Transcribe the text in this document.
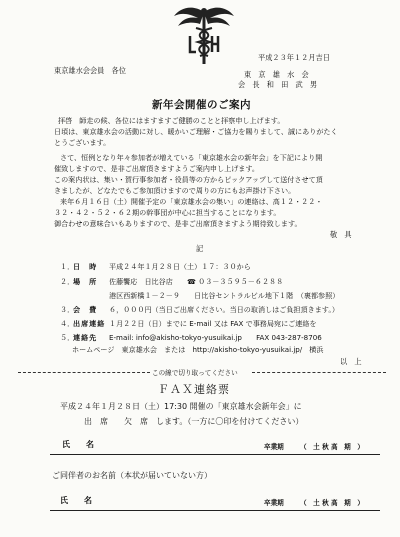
平成２３年１２月吉日
東京雄水会会員　各位	東　京　雄　水　会
会　長　和　田　武　男
新年会開催のご案内
拝啓　師走の候、各位にはますますご健勝のことと拝察申し上げます。
日頃は、東京雄水会の活動に対し、暖かいご理解・ご協力を賜りまして、誠にありがたく
とうございます。
さて、恒例となり年々参加者が増えている「東京雄水会の新年会」を下記により開
催致しますので、是非ご出席頂きますようご案内申し上げます。
この案内状は、集い・賀行事参加者・役員等の方からピックアップして送付させて頂
きましたが、どなたでもご参加頂けますので周りの方にもお声掛け下さい。
来年６月１６日（土）開催予定の「東京雄水会の集い」の連絡は、高１２・２２・
３２・４２・５２・６２期の幹事団が中心に担当することになります。
御合わせの意味合いもありますので、是非ご出席頂きますよう期待致します。
敬　具
記
１．日　時 平成２４年１月２８日（土）１７：３０から
２．場　所 佐藤饗応　日比谷店　　☎ ０３－３５９５－６２８８
港区西新橋１－２－９　　日比谷セントラルビル地下１階　（裏都参照）
３．会　費 ６，０００円（当日ご出席ください。当日の取消しはご負担頂きます。）
４．出席連絡 １月２２日（日）までに E-mail 又は FAX で事務局宛にご連絡を
５．連絡先 E-mail: info@akisho-tokyo-yusuikai.jp　　FAX 043-287-8706
ホームページ　東京雄水会　または　http://akisho-tokyo-yusuikai.jp/　横浜
以　上
この線で切り取ってください
ＦＡＸ連絡票
平成２４年１月２８日（土）17:30 開催の「東京雄水会新年会」に
出　席　　欠　席　します。（一方に〇印を付けてください）
氏　　名	卒業期 （　土 秋 高　期　）
ご同伴者のお名前（本状が届いていない方）
氏　　名	卒業期 （　土 秋 高　期　）
